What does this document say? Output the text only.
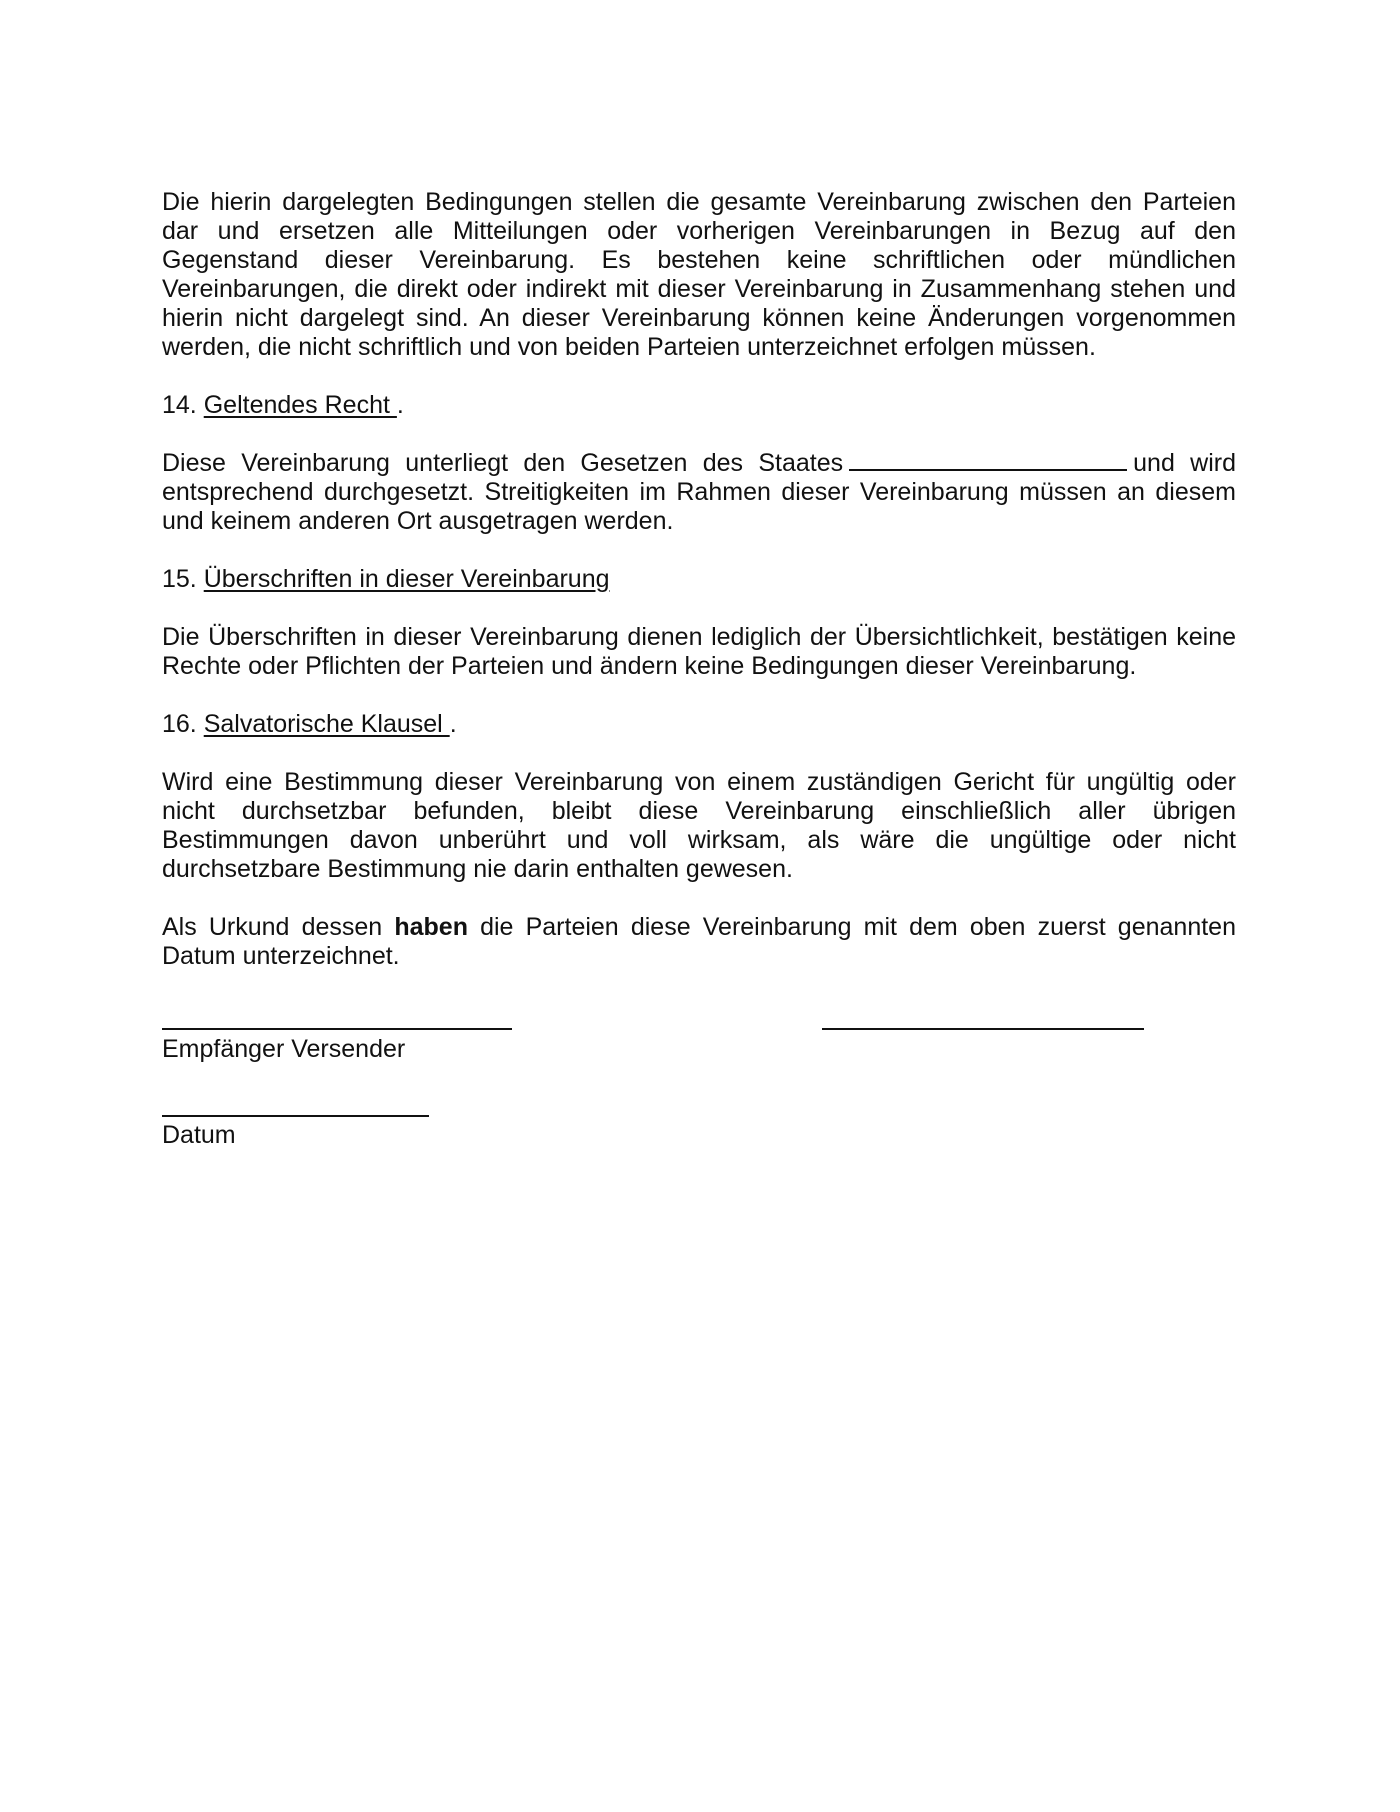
Die hierin dargelegten Bedingungen stellen die gesamte Vereinbarung zwischen den Parteien dar und ersetzen alle Mitteilungen oder vorherigen Vereinbarungen in Bezug auf den Gegenstand dieser Vereinbarung. Es bestehen keine schriftlichen oder mündlichen Vereinbarungen, die direkt oder indirekt mit dieser Vereinbarung in Zusammenhang stehen und hierin nicht dargelegt sind. An dieser Vereinbarung können keine Änderungen vorgenommen werden, die nicht schriftlich und von beiden Parteien unterzeichnet erfolgen müssen.

14. Geltendes Recht .

Diese Vereinbarung unterliegt den Gesetzen des Staates	und wird entsprechend durchgesetzt. Streitigkeiten im Rahmen dieser Vereinbarung müssen an diesem und keinem anderen Ort ausgetragen werden.

15. Überschriften in dieser Vereinbarung

Die Überschriften in dieser Vereinbarung dienen lediglich der Übersichtlichkeit, bestätigen keine Rechte oder Pflichten der Parteien und ändern keine Bedingungen dieser Vereinbarung.

16. Salvatorische Klausel .

Wird eine Bestimmung dieser Vereinbarung von einem zuständigen Gericht für ungültig oder nicht durchsetzbar befunden, bleibt diese Vereinbarung einschließlich aller übrigen Bestimmungen davon unberührt und voll wirksam, als wäre die ungültige oder nicht durchsetzbare Bestimmung nie darin enthalten gewesen.

Als Urkund dessen haben die Parteien diese Vereinbarung mit dem oben zuerst genannten Datum unterzeichnet.

Empfänger Versender
Datum
